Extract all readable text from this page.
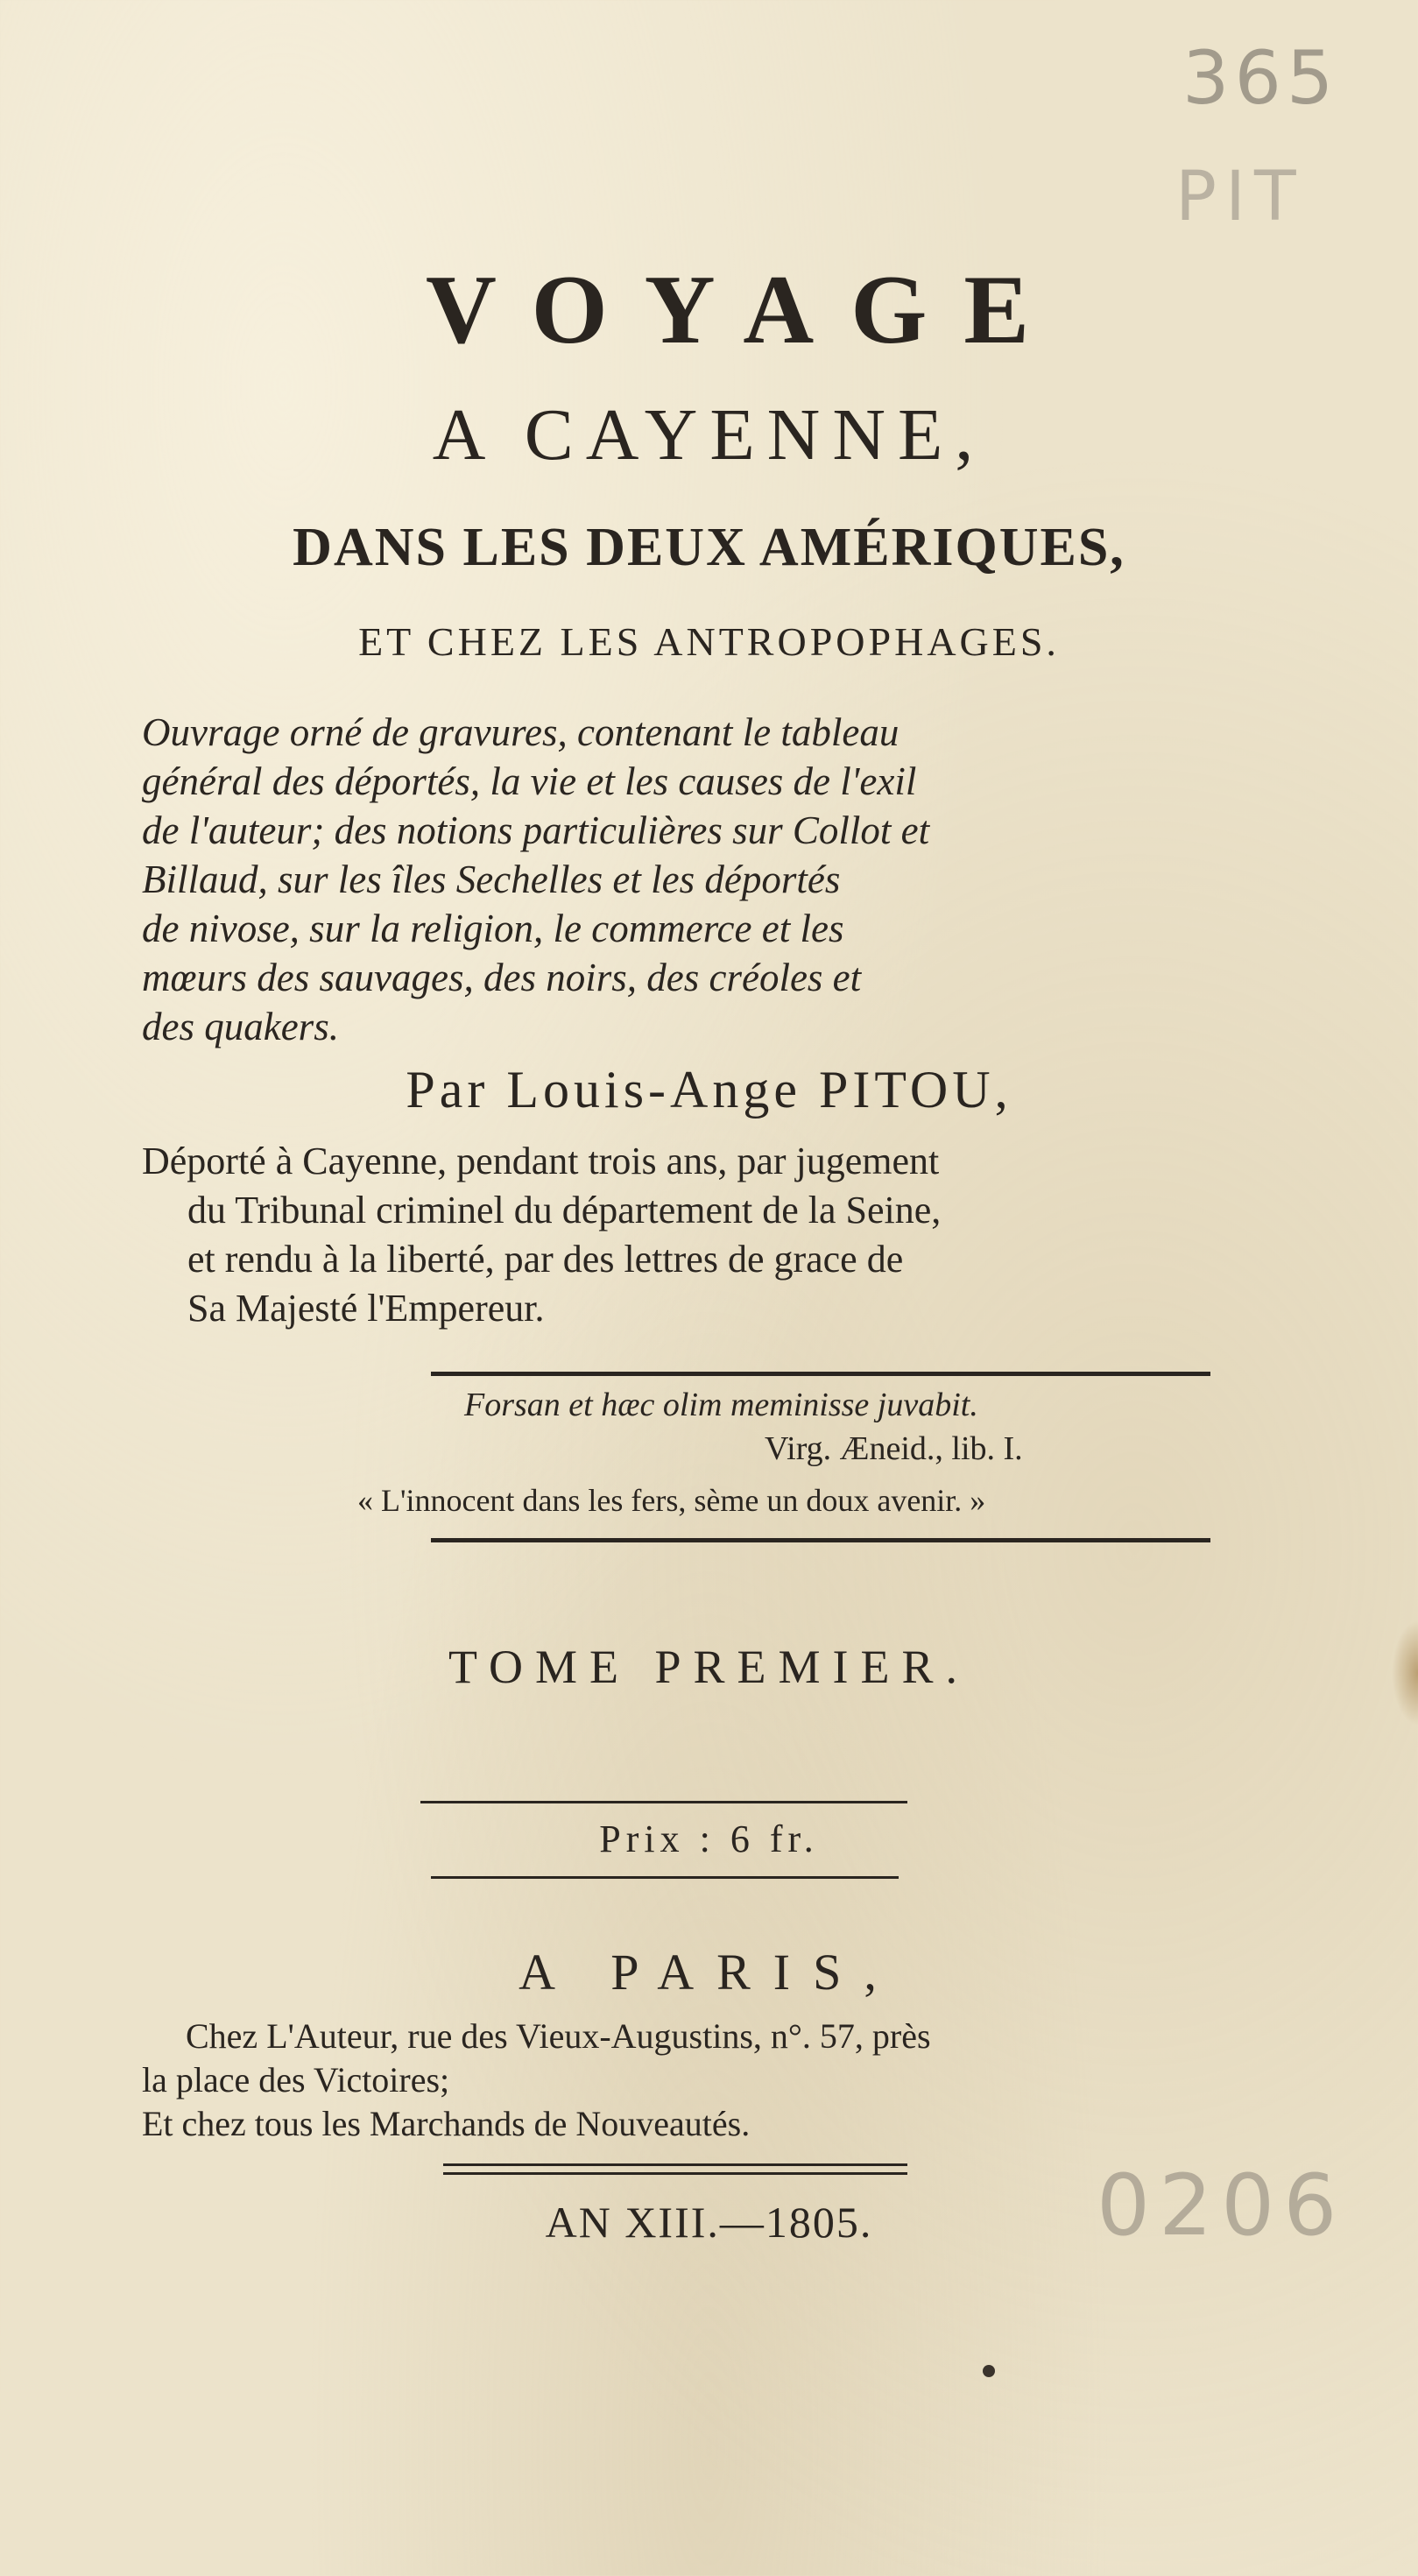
365
PIT
VOYAGE
A CAYENNE,
DANS LES DEUX AMÉRIQUES,
ET CHEZ LES ANTROPOPHAGES.
Ouvrage orné de gravures, contenant le tableau
général des déportés, la vie et les causes de l'exil
de l'auteur; des notions particulières sur Collot et
Billaud, sur les îles Sechelles et les déportés
de nivose, sur la religion, le commerce et les
mœurs des sauvages, des noirs, des créoles et
des quakers.
Par Louis-Ange PITOU,
Déporté à Cayenne, pendant trois ans, par jugement
du Tribunal criminel du département de la Seine,
et rendu à la liberté, par des lettres de grace de
Sa Majesté l'Empereur.
Forsan et hæc olim meminisse juvabit.
Virg. Æneid., lib. I.
« L'innocent dans les fers, sème un doux avenir. »
TOME PREMIER.
Prix : 6 fr.
A PARIS,
Chez L'Auteur, rue des Vieux-Augustins, n°. 57, près
la place des Victoires;
Et chez tous les Marchands de Nouveautés.
AN XIII.—1805.	0206
